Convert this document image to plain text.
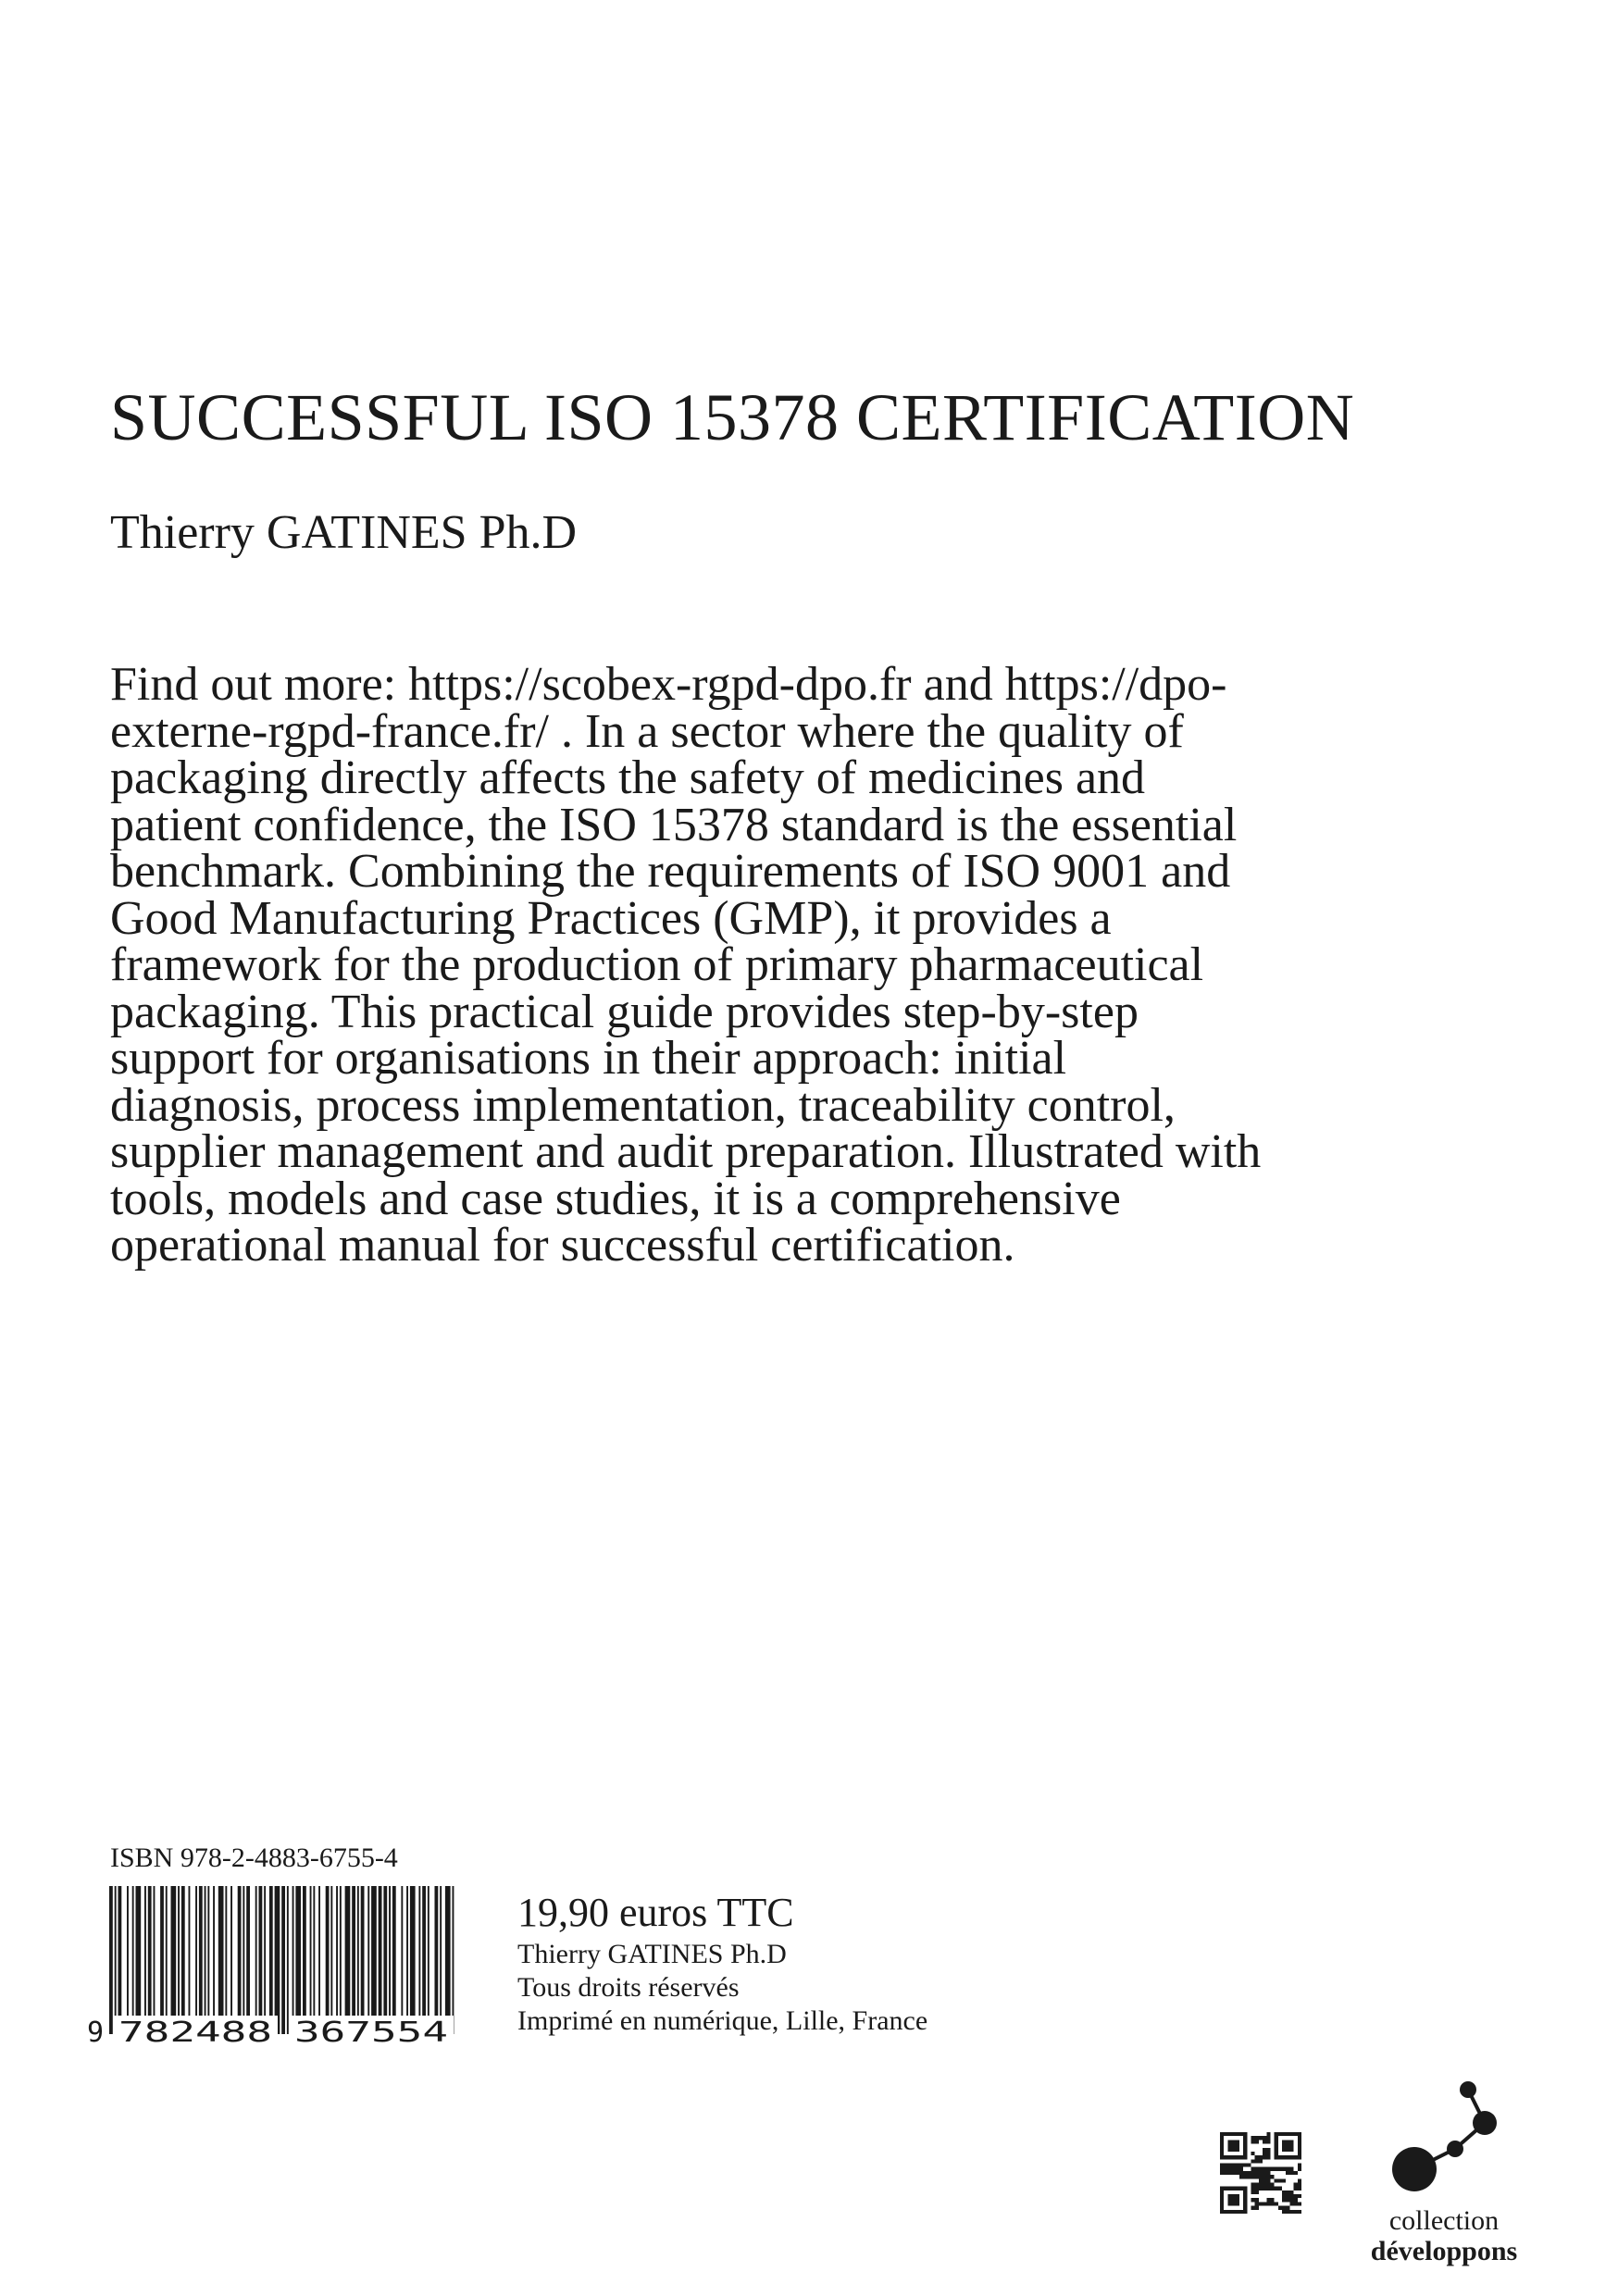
SUCCESSFUL ISO 15378 CERTIFICATION
Thierry GATINES Ph.D

Find out more: https://scobex-rgpd-dpo.fr and https://dpo-externe-rgpd-france.fr/ . In a sector where the quality of packaging directly affects the safety of medicines and patient confidence, the ISO 15378 standard is the essential benchmark. Combining the requirements of ISO 9001 and Good Manufacturing Practices (GMP), it provides a framework for the production of primary pharmaceutical packaging. This practical guide provides step-by-step support for organisations in their approach: initial diagnosis, process implementation, traceability control, supplier management and audit preparation. Illustrated with tools, models and case studies, it is a comprehensive operational manual for successful certification.

ISBN 978-2-4883-6755-4
9 782488 367554
19,90 euros TTC
Thierry GATINES Ph.D
Tous droits réservés
Imprimé en numérique, Lille, France
collection
développons
